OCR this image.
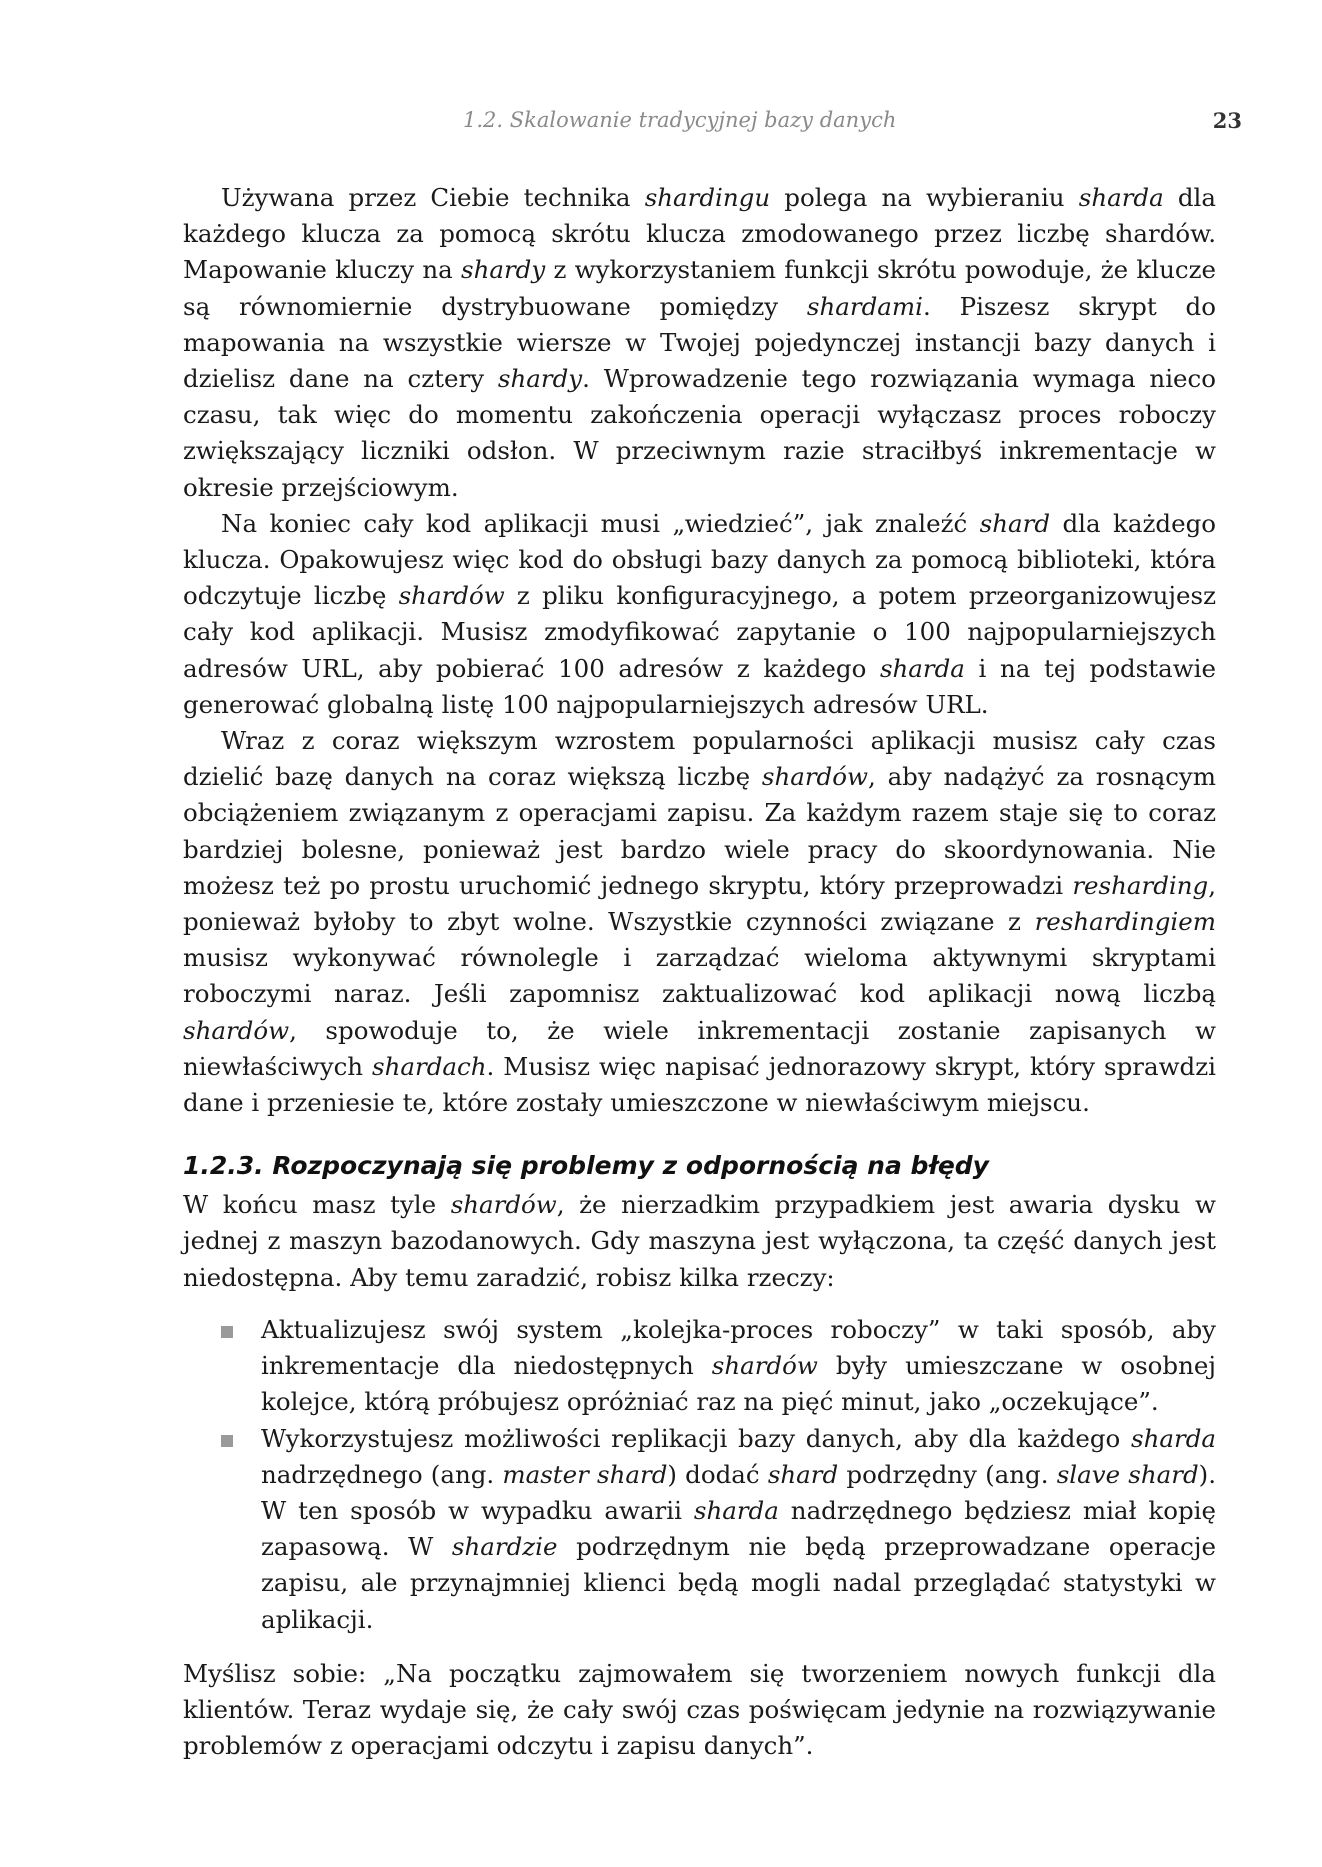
1.2. Skalowanie tradycyjnej bazy danych	23

Używana przez Ciebie technika shardingu polega na wybieraniu sharda dla każdego klucza za pomocą skrótu klucza zmodowanego przez liczbę shardów. Mapowanie kluczy na shardy z wykorzystaniem funkcji skrótu powoduje, że klucze są równomiernie dystrybuowane pomiędzy shardami. Piszesz skrypt do mapowania na wszystkie wiersze w Twojej pojedynczej instancji bazy danych i dzielisz dane na cztery shardy. Wprowadzenie tego rozwiązania wymaga nieco czasu, tak więc do momentu zakończenia operacji wyłączasz proces roboczy zwiększający liczniki odsłon. W przeciwnym razie straciłbyś inkrementacje w okresie przejściowym.

Na koniec cały kod aplikacji musi „wiedzieć”, jak znaleźć shard dla każdego klucza. Opakowujesz więc kod do obsługi bazy danych za pomocą biblioteki, która odczytuje liczbę shardów z pliku konfiguracyjnego, a potem przeorganizowujesz cały kod aplikacji. Musisz zmodyfikować zapytanie o 100 najpopularniejszych adresów URL, aby pobierać 100 adresów z każdego sharda i na tej podstawie generować globalną listę 100 najpopularniejszych adresów URL.

Wraz z coraz większym wzrostem popularności aplikacji musisz cały czas dzielić bazę danych na coraz większą liczbę shardów, aby nadążyć za rosnącym obciążeniem związanym z operacjami zapisu. Za każdym razem staje się to coraz bardziej bolesne, ponieważ jest bardzo wiele pracy do skoordynowania. Nie możesz też po prostu uruchomić jednego skryptu, który przeprowadzi resharding, ponieważ byłoby to zbyt wolne. Wszystkie czynności związane z reshardingiem musisz wykonywać równolegle i zarządzać wieloma aktywnymi skryptami roboczymi naraz. Jeśli zapomnisz zaktualizować kod aplikacji nową liczbą shardów, spowoduje to, że wiele inkrementacji zostanie zapisanych w niewłaściwych shardach. Musisz więc napisać jednorazowy skrypt, który sprawdzi dane i przeniesie te, które zostały umieszczone w niewłaściwym miejscu.

1.2.3. Rozpoczynają się problemy z odpornością na błędy

W końcu masz tyle shardów, że nierzadkim przypadkiem jest awaria dysku w jednej z maszyn bazodanowych. Gdy maszyna jest wyłączona, ta część danych jest niedostępna. Aby temu zaradzić, robisz kilka rzeczy:

Aktualizujesz swój system „kolejka-proces roboczy” w taki sposób, aby inkrementacje dla niedostępnych shardów były umieszczane w osobnej kolejce, którą próbujesz opróżniać raz na pięć minut, jako „oczekujące”.
Wykorzystujesz możliwości replikacji bazy danych, aby dla każdego sharda nadrzędnego (ang. master shard) dodać shard podrzędny (ang. slave shard). W ten sposób w wypadku awarii sharda nadrzędnego będziesz miał kopię zapasową. W shardzie podrzędnym nie będą przeprowadzane operacje zapisu, ale przynajmniej klienci będą mogli nadal przeglądać statystyki w aplikacji.

Myślisz sobie: „Na początku zajmowałem się tworzeniem nowych funkcji dla klientów. Teraz wydaje się, że cały swój czas poświęcam jedynie na rozwiązywanie problemów z operacjami odczytu i zapisu danych”.
